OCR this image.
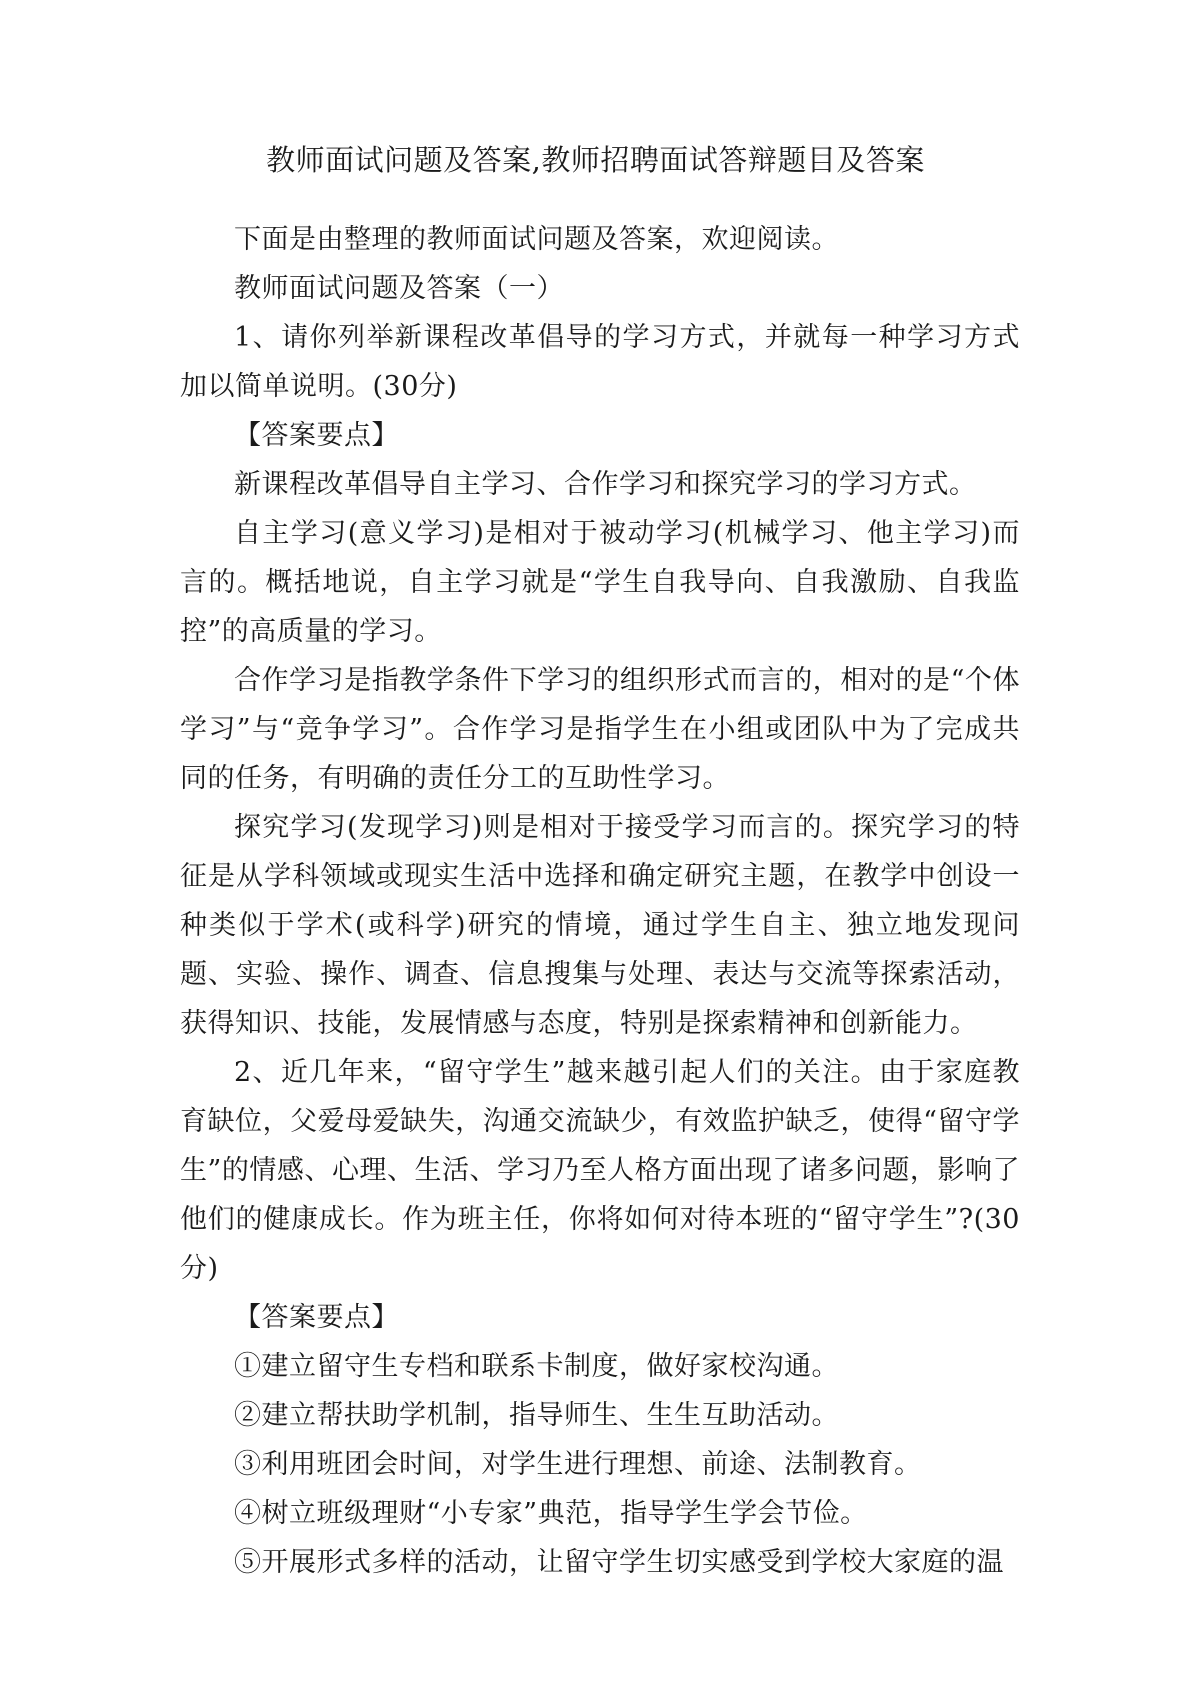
教师面试问题及答案,教师招聘面试答辩题目及答案

下面是由整理的教师面试问题及答案，欢迎阅读。

教师面试问题及答案（一）

1、请你列举新课程改革倡导的学习方式，并就每一种学习方式加以简单说明。(30分)

【答案要点】

新课程改革倡导自主学习、合作学习和探究学习的学习方式。

自主学习(意义学习)是相对于被动学习(机械学习、他主学习)而言的。概括地说，自主学习就是“学生自我导向、自我激励、自我监控”的高质量的学习。

合作学习是指教学条件下学习的组织形式而言的，相对的是“个体学习”与“竞争学习”。合作学习是指学生在小组或团队中为了完成共同的任务，有明确的责任分工的互助性学习。

探究学习(发现学习)则是相对于接受学习而言的。探究学习的特征是从学科领域或现实生活中选择和确定研究主题，在教学中创设一种类似于学术(或科学)研究的情境，通过学生自主、独立地发现问题、实验、操作、调查、信息搜集与处理、表达与交流等探索活动，获得知识、技能，发展情感与态度，特别是探索精神和创新能力。

2、近几年来，“留守学生”越来越引起人们的关注。由于家庭教育缺位，父爱母爱缺失，沟通交流缺少，有效监护缺乏，使得“留守学生”的情感、心理、生活、学习乃至人格方面出现了诸多问题，影响了他们的健康成长。作为班主任，你将如何对待本班的“留守学生”?(30分)

【答案要点】

①建立留守生专档和联系卡制度，做好家校沟通。

②建立帮扶助学机制，指导师生、生生互助活动。

③利用班团会时间，对学生进行理想、前途、法制教育。

④树立班级理财“小专家”典范，指导学生学会节俭。

⑤开展形式多样的活动，让留守学生切实感受到学校大家庭的温
